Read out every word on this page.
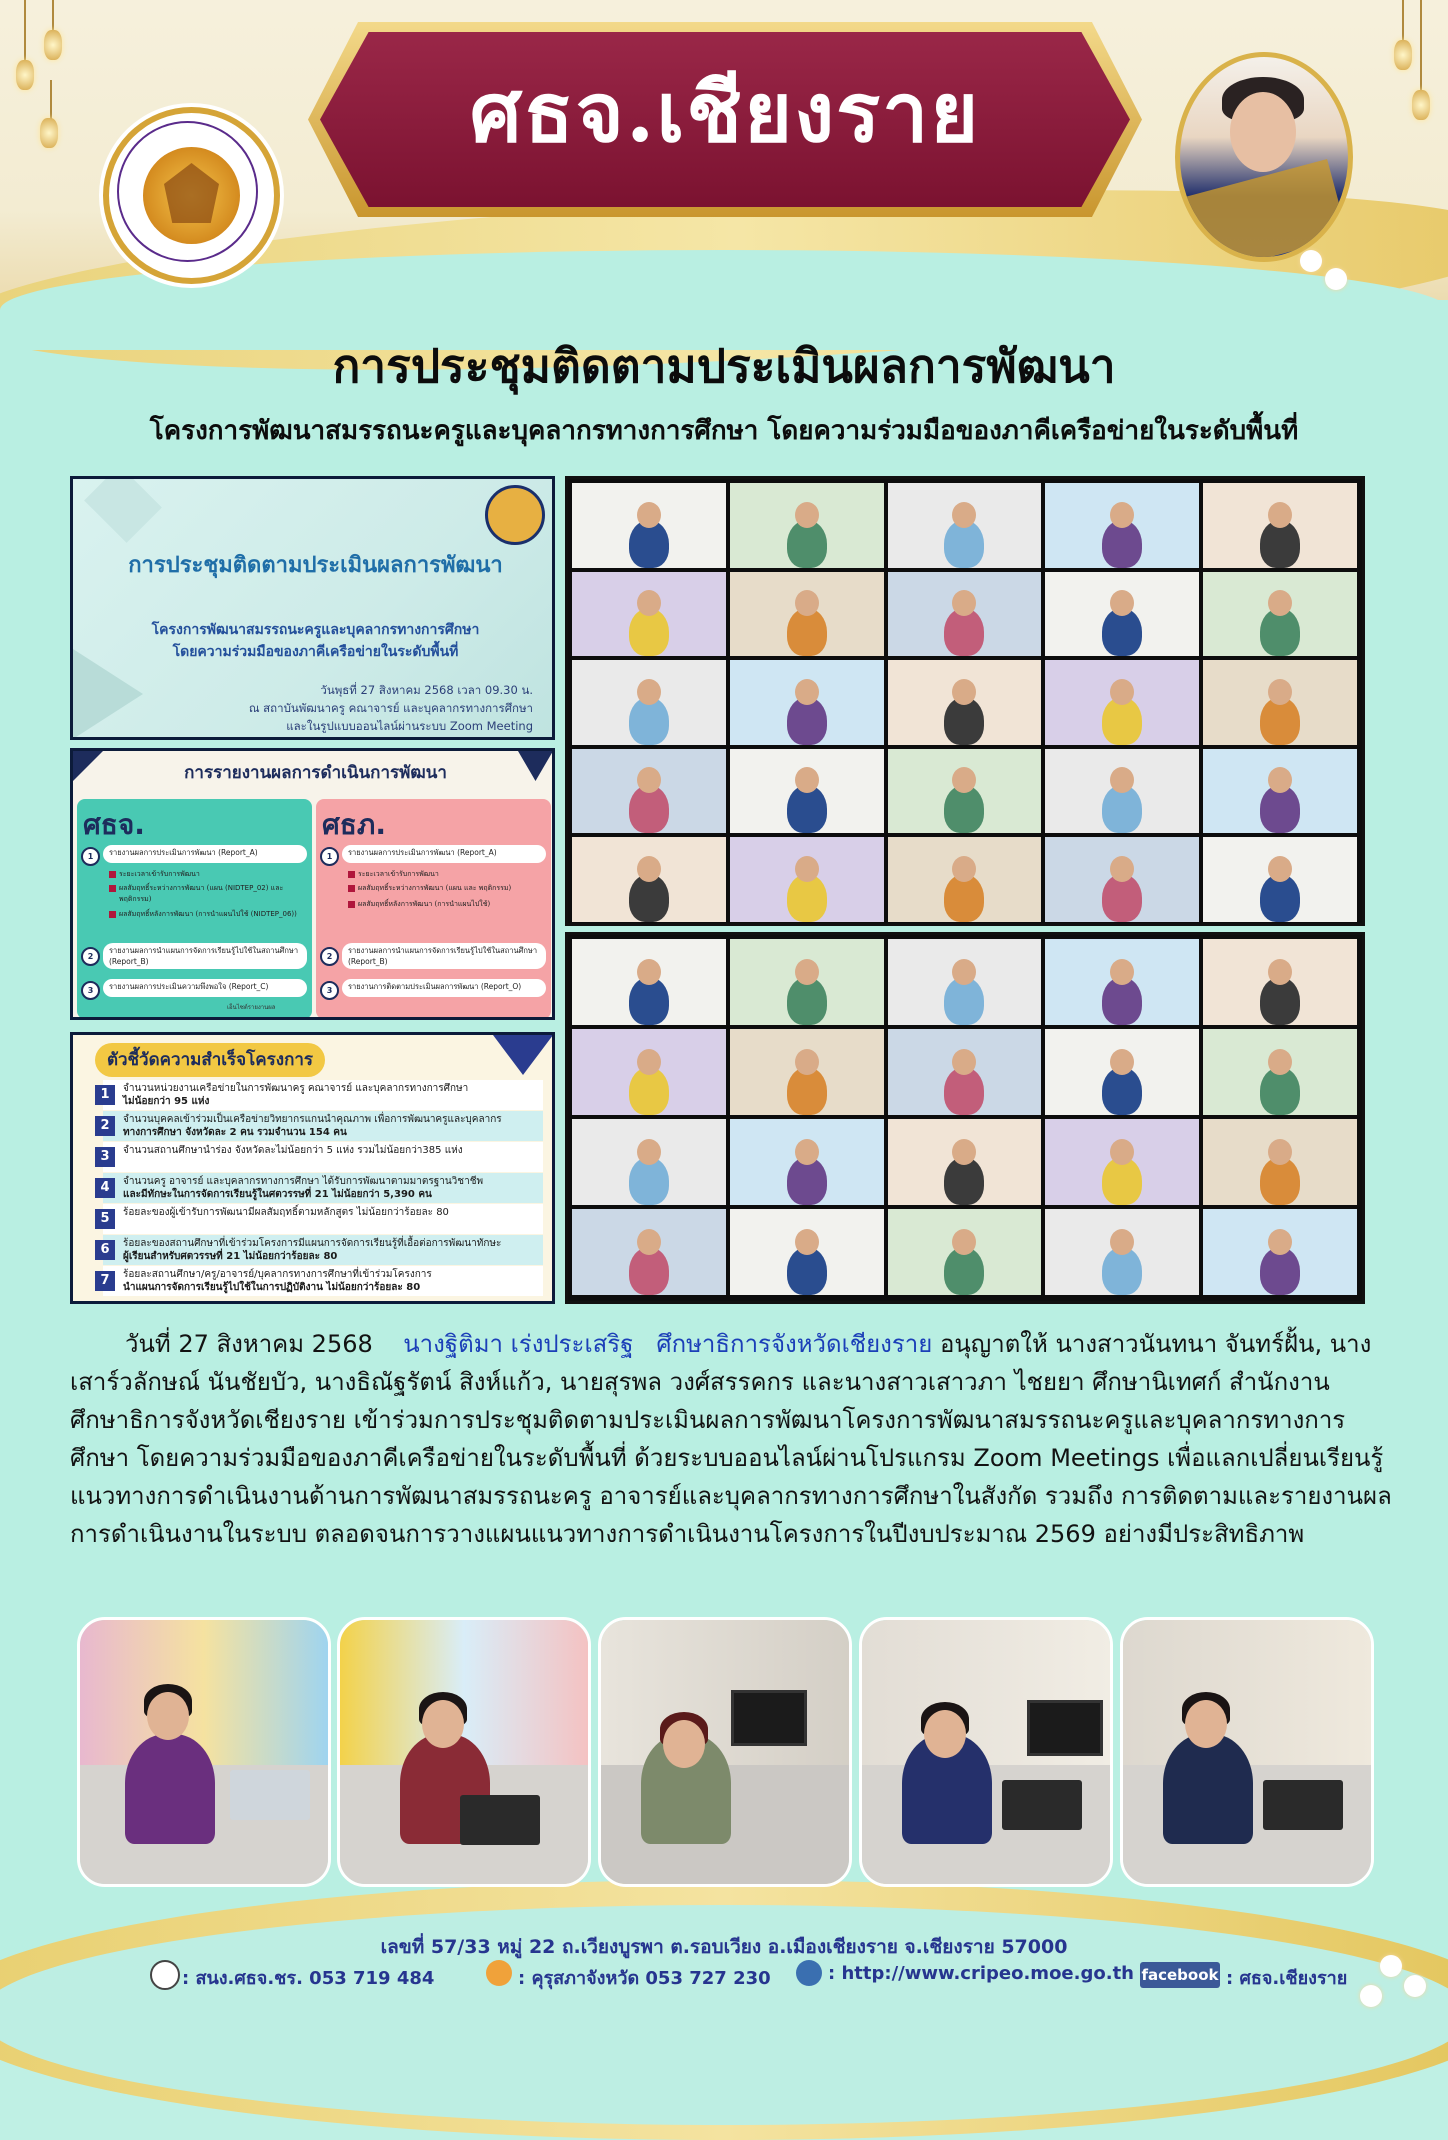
ศธจ.เชียงราย
การประชุมติดตามประเมินผลการพัฒนา
โครงการพัฒนาสมรรถนะครูและบุคลากรทางการศึกษา โดยความร่วมมือของภาคีเครือข่ายในระดับพื้นที่
การประชุมติดตามประเมินผลการพัฒนา
โครงการพัฒนาสมรรถนะครูและบุคลากรทางการศึกษา
โดยความร่วมมือของภาคีเครือข่ายในระดับพื้นที่
วันพุธที่ 27 สิงหาคม 2568 เวลา 09.30 น.
ณ สถาบันพัฒนาครู คณาจารย์ และบุคลากรทางการศึกษา
และในรูปแบบออนไลน์ผ่านระบบ Zoom Meeting
การรายงานผลการดำเนินการพัฒนา
ศธจ.
1	รายงานผลการประเมินการพัฒนา (Report_A)
ระยะเวลาเข้ารับการพัฒนา
ผลสัมฤทธิ์ระหว่างการพัฒนา (แผน (NIDTEP_02) และ พฤติกรรม)
ผลสัมฤทธิ์หลังการพัฒนา (การนำแผนไปใช้ (NIDTEP_06))
2
รายงานผลการนำแผนการจัดการเรียนรู้ไปใช้ในสถานศึกษา (Report_B)
3	รายงานผลการประเมินความพึงพอใจ (Report_C)
เอ็นไซต์รายงานผล
ศธภ.
1	รายงานผลการประเมินการพัฒนา (Report_A)
ระยะเวลาเข้ารับการพัฒนา
ผลสัมฤทธิ์ระหว่างการพัฒนา (แผน และ พฤติกรรม)
ผลสัมฤทธิ์หลังการพัฒนา (การนำแผนไปใช้)
2
รายงานผลการนำแผนการจัดการเรียนรู้ไปใช้ในสถานศึกษา (Report_B)
3	รายงานการติดตามประเมินผลการพัฒนา (Report_O)
ตัวชี้วัดความสำเร็จโครงการ
1	จำนวนหน่วยงานเครือข่ายในการพัฒนาครู คณาจารย์ และบุคลากรทางการศึกษา
ไม่น้อยกว่า 95 แห่ง
2	จำนวนบุคคลเข้าร่วมเป็นเครือข่ายวิทยากรแกนนำคุณภาพ เพื่อการพัฒนาครูและบุคลากร
ทางการศึกษา จังหวัดละ 2 คน รวมจำนวน 154 คน
3	จำนวนสถานศึกษานำร่อง จังหวัดละไม่น้อยกว่า 5 แห่ง รวมไม่น้อยกว่า385 แห่ง
4	จำนวนครู อาจารย์ และบุคลากรทางการศึกษา ได้รับการพัฒนาตามมาตรฐานวิชาชีพ
และมีทักษะในการจัดการเรียนรู้ในศตวรรษที่ 21 ไม่น้อยกว่า 5,390 คน
5	ร้อยละของผู้เข้ารับการพัฒนามีผลสัมฤทธิ์ตามหลักสูตร ไม่น้อยกว่าร้อยละ 80
6	ร้อยละของสถานศึกษาที่เข้าร่วมโครงการมีแผนการจัดการเรียนรู้ที่เอื้อต่อการพัฒนาทักษะ
ผู้เรียนสำหรับศตวรรษที่ 21 ไม่น้อยกว่าร้อยละ 80
7	ร้อยละสถานศึกษา/ครู/อาจารย์/บุคลากรทางการศึกษาที่เข้าร่วมโครงการ
นำแผนการจัดการเรียนรู้ไปใช้ในการปฏิบัติงาน ไม่น้อยกว่าร้อยละ 80
วันที่ 27 สิงหาคม 2568 นางฐิติมา เร่งประเสริฐ ศึกษาธิการจังหวัดเชียงราย อนุญาตให้ นางสาวนันทนา จันทร์ฝั้น, นางเสาร์วลักษณ์ นันชัยบัว, นางธิณัฐรัตน์ สิงห์แก้ว, นายสุรพล วงศ์สรรคกร และนางสาวเสาวภา ไชยยา ศึกษานิเทศก์ สำนักงานศึกษาธิการจังหวัดเชียงราย เข้าร่วมการประชุมติดตามประเมินผลการพัฒนาโครงการพัฒนาสมรรถนะครูและบุคลากรทางการศึกษา โดยความร่วมมือของภาคีเครือข่ายในระดับพื้นที่ ด้วยระบบออนไลน์ผ่านโปรแกรม Zoom Meetings เพื่อแลกเปลี่ยนเรียนรู้แนวทางการดำเนินงานด้านการพัฒนาสมรรถนะครู อาจารย์และบุคลากรทางการศึกษาในสังกัด รวมถึง การติดตามและรายงานผลการดำเนินงานในระบบ ตลอดจนการวางแผนแนวทางการดำเนินงานโครงการในปีงบประมาณ 2569 อย่างมีประสิทธิภาพ
เลขที่ 57/33 หมู่ 22 ถ.เวียงบูรพา ต.รอบเวียง อ.เมืองเชียงราย จ.เชียงราย 57000
: สนง.ศธจ.ชร. 053 719 484	: คุรุสภาจังหวัด 053 727 230	: http://www.cripeo.moe.go.th facebook : ศธจ.เชียงราย
